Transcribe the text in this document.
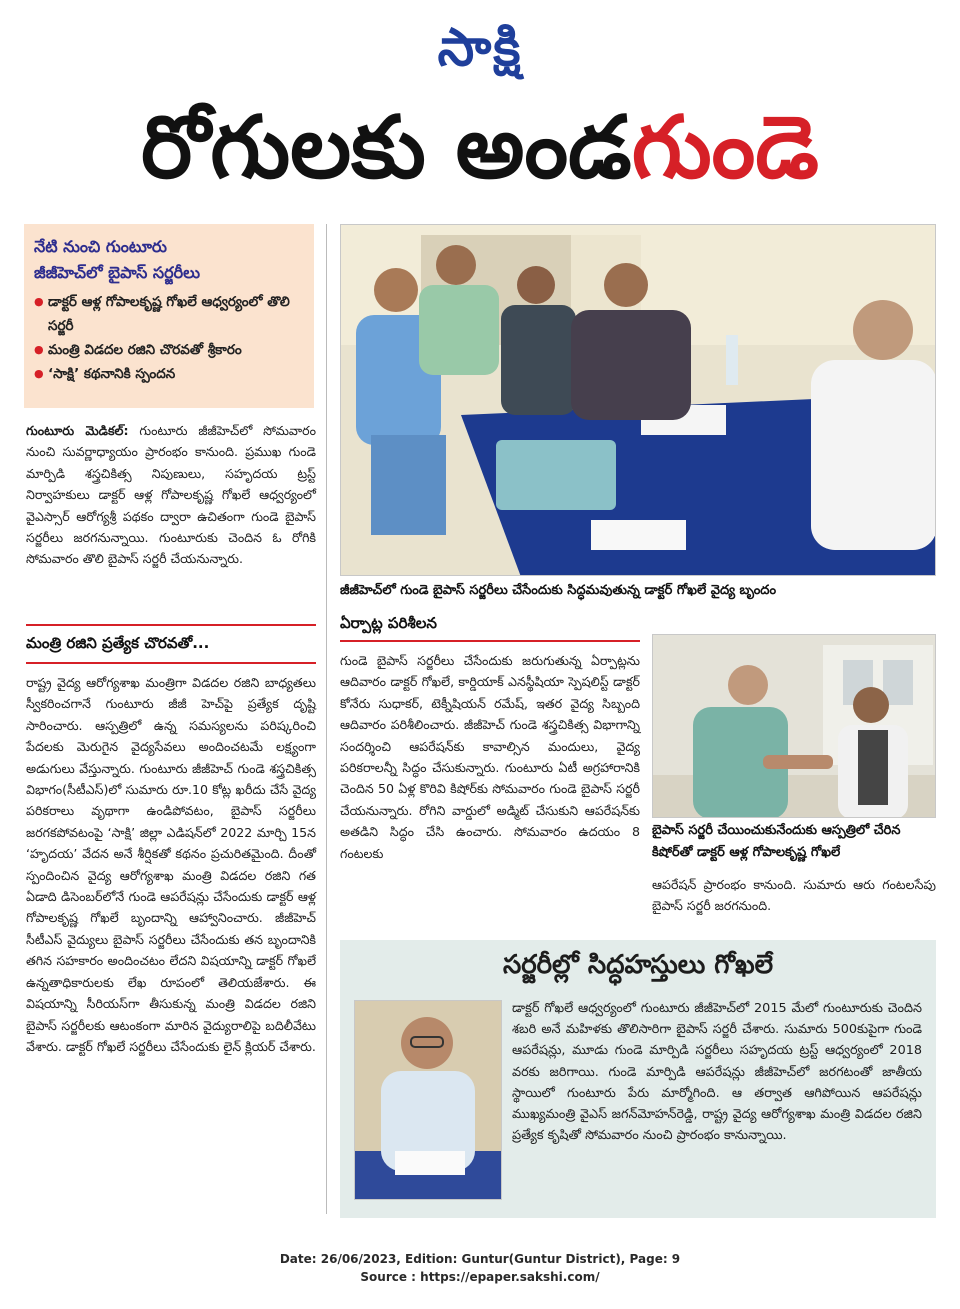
సాక్షి
రోగులకు అండగుండె
నేటి నుంచి గుంటూరు
జీజీహెచ్‌లో బైపాస్‌ సర్జరీలు
● డాక్టర్‌ ఆళ్ల గోపాలకృష్ణ గోఖలే ఆధ్వర్యంలో తొలి సర్జరీ
● మంత్రి విడదల రజిని చొరవతో శ్రీకారం
● ‘సాక్షి’ కథనానికి స్పందన

గుంటూరు మెడికల్‌: గుంటూరు జీజీహెచ్‌లో సోమవారం నుంచి సువర్ణాధ్యాయం ప్రారంభం కానుంది. ప్రముఖ గుండె మార్పిడి శస్త్రచికిత్స నిపుణులు, సహృదయ ట్రస్ట్‌ నిర్వాహకులు డాక్టర్‌ ఆళ్ల గోపాలకృష్ణ గోఖలే ఆధ్వర్యంలో వైఎస్సార్‌ ఆరోగ్యశ్రీ పథకం ద్వారా ఉచితంగా గుండె బైపాస్‌ సర్జరీలు జరగనున్నాయి. గుంటూరుకు చెందిన ఓ రోగికి సోమవారం తొలి బైపాస్‌ సర్జరీ చేయనున్నారు.

మంత్రి రజిని ప్రత్యేక చొరవతో...

రాష్ట్ర వైద్య ఆరోగ్యశాఖ మంత్రిగా విడదల రజిని బాధ్యతలు స్వీకరించగానే గుంటూరు జీజీ హెచ్‌పై ప్రత్యేక దృష్టి సారించారు. ఆస్పత్రిలో ఉన్న సమస్యలను పరిష్కరించి పేదలకు మెరుగైన వైద్యసేవలు అందించటమే లక్ష్యంగా అడుగులు వేస్తున్నారు. గుంటూరు జీజీహెచ్‌ గుండె శస్త్రచికిత్స విభాగం(సీటీఎస్‌)లో సుమారు రూ.10 కోట్ల ఖరీదు చేసే వైద్య పరికరాలు వృథాగా ఉండిపోవటం, బైపాస్‌ సర్జరీలు జరగకపోవటంపై ‘సాక్షి’ జిల్లా ఎడిషన్‌లో 2022 మార్చి 15న ‘హృదయ’ వేదన అనే శీర్షికతో కథనం ప్రచురితమైంది. దీంతో స్పందించిన వైద్య ఆరోగ్యశాఖ మంత్రి విడదల రజిని గత ఏడాది డిసెంబర్‌లోనే గుండె ఆపరేషన్లు చేసేందుకు డాక్టర్‌ ఆళ్ల గోపాలకృష్ణ గోఖలే బృందాన్ని ఆహ్వానించారు. జీజీహెచ్‌ సీటీఎస్‌ వైద్యులు బైపాస్‌ సర్జరీలు చేసేందుకు తన బృందానికి తగిన సహకారం అందించటం లేదని విషయాన్ని డాక్టర్‌ గోఖలే ఉన్నతాధికారులకు లేఖ రూపంలో తెలియజేశారు. ఈ విషయాన్ని సీరియస్‌గా తీసుకున్న మంత్రి విడదల రజిని బైపాస్‌ సర్జరీలకు ఆటంకంగా మారిన వైద్యురాలిపై బదిలీవేటు వేశారు. డాక్టర్‌ గోఖలే సర్జరీలు చేసేందుకు లైన్‌ క్లియర్‌ చేశారు.

జీజీహెచ్‌లో గుండె బైపాస్‌ సర్జరీలు చేసేందుకు సిద్ధమవుతున్న డాక్టర్‌ గోఖలే వైద్య బృందం
ఏర్పాట్ల పరిశీలన

గుండె బైపాస్‌ సర్జరీలు చేసేందుకు జరుగుతున్న ఏర్పాట్లను ఆదివారం డాక్టర్‌ గోఖలే, కార్డియాక్‌ ఎనస్థీషియా స్పెషలిస్ట్‌ డాక్టర్‌ కోనేరు సుధాకర్‌, టెక్నీషియన్‌ రమేష్‌, ఇతర వైద్య సిబ్బంది ఆదివారం పరిశీలించారు. జీజీహెచ్‌ గుండె శస్త్రచికిత్స విభాగాన్ని సందర్శించి ఆపరేషన్‌కు కావాల్సిన మందులు, వైద్య పరికరాలన్నీ సిద్ధం చేసుకున్నారు. గుంటూరు ఏటీ అగ్రహారానికి చెందిన 50 ఏళ్ల కొరివి కిషోర్‌కు సోమవారం గుండె బైపాస్‌ సర్జరీ చేయనున్నారు. రోగిని వార్డులో అడ్మిట్‌ చేసుకుని ఆపరేషన్‌కు అతడిని సిద్ధం చేసి ఉంచారు. సోమవారం ఉదయం 8 గంటలకు

బైపాస్‌ సర్జరీ చేయించుకునేందుకు ఆస్పత్రిలో చేరిన కిషోర్‌తో డాక్టర్‌ ఆళ్ల గోపాలకృష్ణ గోఖలే

ఆపరేషన్‌ ప్రారంభం కానుంది. సుమారు ఆరు గంటలసేపు బైపాస్‌ సర్జరీ జరగనుంది.

సర్జరీల్లో సిద్ధహస్తులు గోఖలే
డాక్టర్‌ గోఖలే ఆధ్వర్యంలో గుంటూరు జీజీహెచ్‌లో 2015 మేలో గుంటూరుకు చెందిన శబరి అనే మహిళకు తొలిసారిగా బైపాస్‌ సర్జరీ చేశారు. సుమారు 500కుపైగా గుండె ఆపరేషన్లు, మూడు గుండె మార్పిడి సర్జరీలు సహృదయ ట్రస్ట్‌ ఆధ్వర్యంలో 2018 వరకు జరిగాయి. గుండె మార్పిడి ఆపరేషన్లు జీజీహెచ్‌లో జరగటంతో జాతీయ స్థాయిలో గుంటూరు పేరు మార్మోగింది. ఆ తర్వాత ఆగిపోయిన ఆపరేషన్లు ముఖ్యమంత్రి వైఎస్‌ జగన్‌మోహన్‌రెడ్డి, రాష్ట్ర వైద్య ఆరోగ్యశాఖ మంత్రి విడదల రజిని ప్రత్యేక కృషితో సోమవారం నుంచి ప్రారంభం కానున్నాయి.
Date: 26/06/2023, Edition: Guntur(Guntur District), Page: 9
Source : https://epaper.sakshi.com/
